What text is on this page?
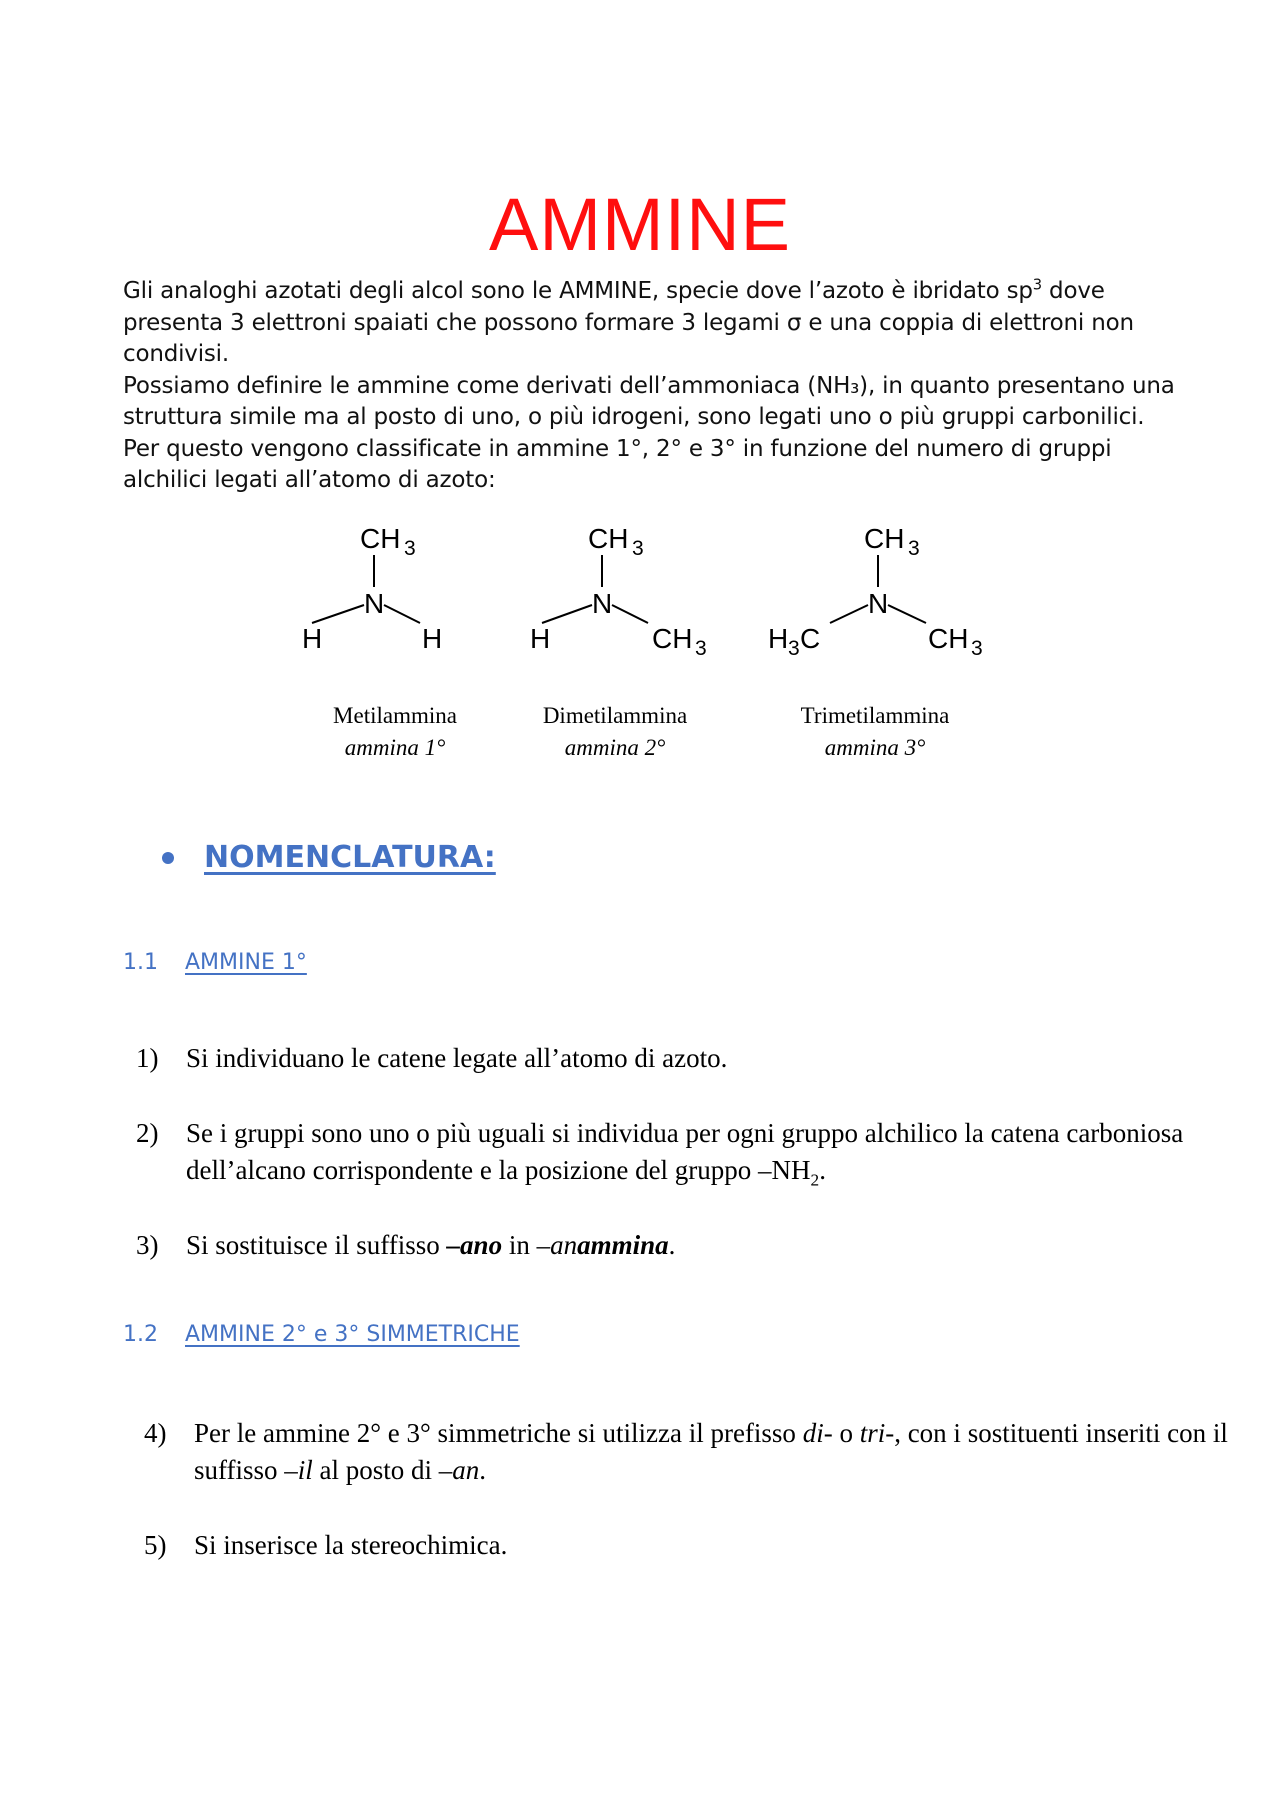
AMMINE

Gli analoghi azotati degli alcol sono le AMMINE, specie dove l’azoto è ibridato $sp^3$ dove presenta 3 elettroni spaiati che possono formare 3 legami σ e una coppia di elettroni non condivisi.

Possiamo definire le ammine come derivati dell’ammoniaca (NH₃), in quanto presentano una struttura simile ma al posto di uno, o più idrogeni, sono legati uno o più gruppi carbonilici.

Per questo vengono classificate in ammine 1°, 2° e 3° in funzione del numero di gruppi alchilici legati all’atomo di azoto:

CH 3
N
H	H
CH 3
N
H	CH 3
CH 3
N
H 3 C	CH 3
Metilammina
ammina 1°
Dimetilammina
ammina 2°
Trimetilammina
ammina 3°
NOMENCLATURA:
1.1 AMMINE 1°
1)	Si individuano le catene legate all’atomo di azoto.
2)	Se i gruppi sono uno o più uguali si individua per ogni gruppo alchilico la catena carboniosa dell’alcano corrispondente e la posizione del gruppo $-NH_2$.
3)	Si sostituisce il suffisso –ano in –anammina.
1.2 AMMINE 2° e 3° SIMMETRICHE
4)	Per le ammine 2° e 3° simmetriche si utilizza il prefisso di- o tri-, con i sostituenti inseriti con il suffisso –il al posto di –an.
5)	Si inserisce la stereochimica.
